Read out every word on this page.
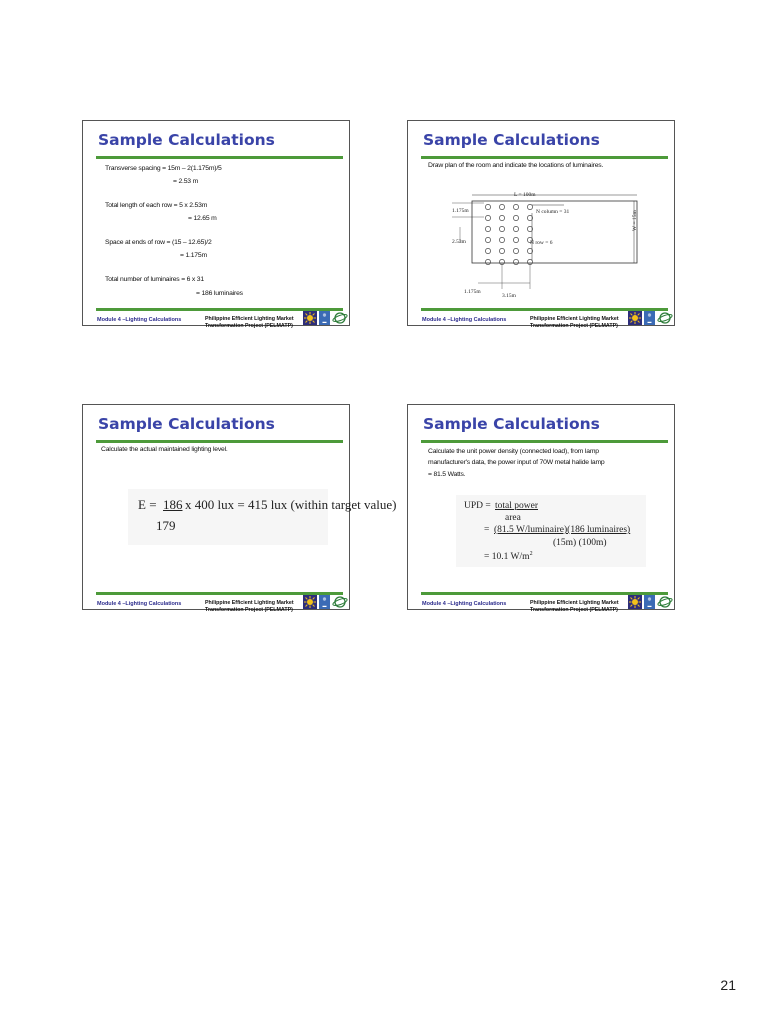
Sample Calculations
Transverse spacing = 15m – 2(1.175m)/5
= 2.53 m
Total length of each row = 5 x 2.53m
= 12.65 m
Space at ends of row = (15 – 12.65)/2
= 1.175m
Total number of luminaires = 6 x 31
= 186 luminaires
Module 4 –Lighting Calculations	Philippine Efficient Lighting Market
Transformation Project (PELMATP)
◎
▬
Sample Calculations
Draw plan of the room and indicate the locations of luminaires.
L = 100m
1.175m	N column = 31
2.53m	N row = 6
W = 15m
1.175m
3.15m
Module 4 –Lighting Calculations	Philippine Efficient Lighting Market
Transformation Project (PELMATP)
◎
▬
Sample Calculations
Calculate the actual maintained lighting level.
E = 186 x 400 lux = 415 lux (within target value)
179
Module 4 –Lighting Calculations	Philippine Efficient Lighting Market
Transformation Project (PELMATP)
◎
▬
Sample Calculations
Calculate the unit power density (connected load), from lamp
manufacturer's data, the power input of 70W metal halide lamp
= 81.5 Watts.
UPD = total power
area
= (81.5 W/luminaire)(186 luminaires)
(15m) (100m)
= 10.1 $W/m^2$
Module 4 –Lighting Calculations	Philippine Efficient Lighting Market
Transformation Project (PELMATP)
◎
▬
21
